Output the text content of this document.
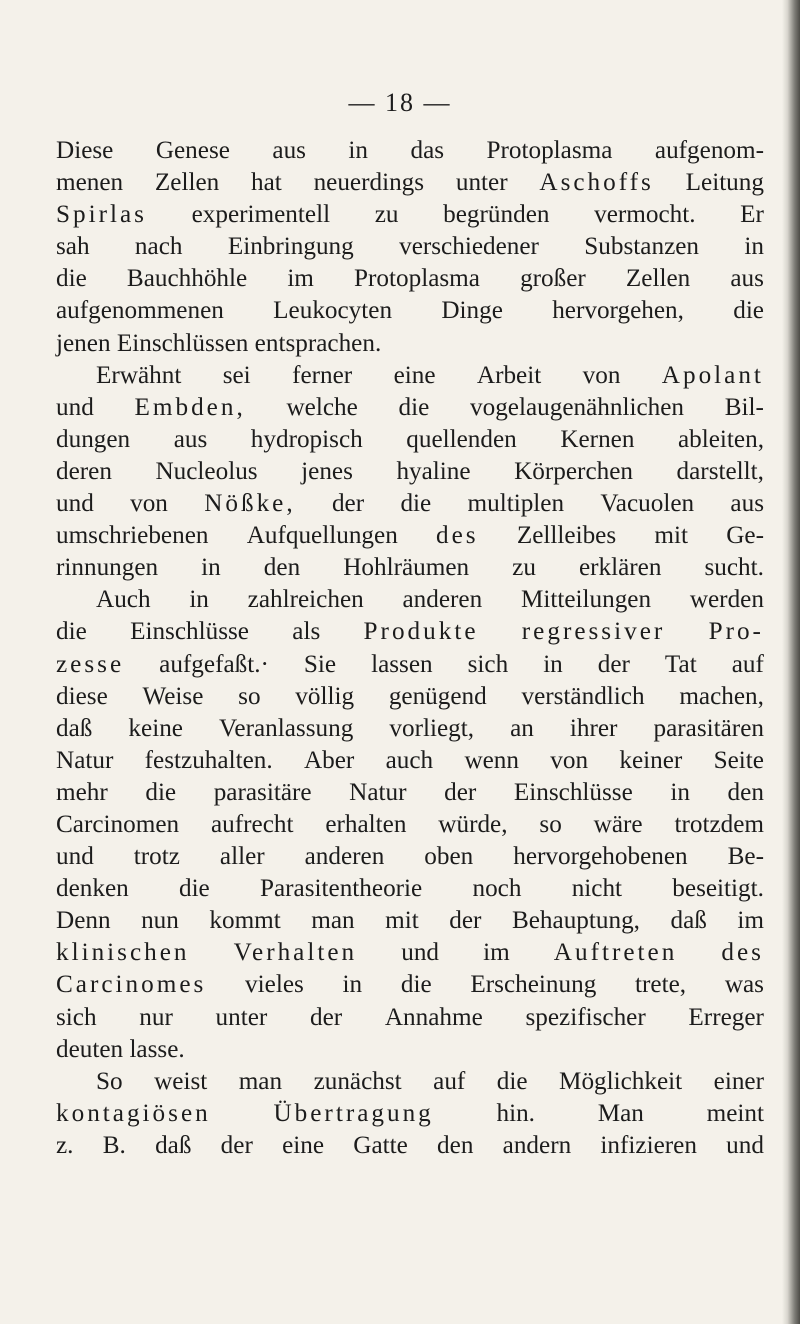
— 18 —
Diese Genese aus in das Protoplasma aufgenom-
menen Zellen hat neuerdings unter Aschoffs Leitung
Spirlas experimentell zu begründen vermocht. Er
sah nach Einbringung verschiedener Substanzen in
die Bauchhöhle im Protoplasma großer Zellen aus
aufgenommenen Leukocyten Dinge hervorgehen, die
jenen Einschlüssen entsprachen.
Erwähnt sei ferner eine Arbeit von Apolant
und Embden, welche die vogelaugenähnlichen Bil-
dungen aus hydropisch quellenden Kernen ableiten,
deren Nucleolus jenes hyaline Körperchen darstellt,
und von Nößke, der die multiplen Vacuolen aus
umschriebenen Aufquellungen des Zellleibes mit Ge-
rinnungen in den Hohlräumen zu erklären sucht.
Auch in zahlreichen anderen Mitteilungen werden
die Einschlüsse als Produkte regressiver Pro-
zesse aufgefaßt.· Sie lassen sich in der Tat auf
diese Weise so völlig genügend verständlich machen,
daß keine Veranlassung vorliegt, an ihrer parasitären
Natur festzuhalten. Aber auch wenn von keiner Seite
mehr die parasitäre Natur der Einschlüsse in den
Carcinomen aufrecht erhalten würde, so wäre trotzdem
und trotz aller anderen oben hervorgehobenen Be-
denken die Parasitentheorie noch nicht beseitigt.
Denn nun kommt man mit der Behauptung, daß im
klinischen Verhalten und im Auftreten des
Carcinomes vieles in die Erscheinung trete, was
sich nur unter der Annahme spezifischer Erreger
deuten lasse.
So weist man zunächst auf die Möglichkeit einer
kontagiösen Übertragung hin. Man meint
z. B. daß der eine Gatte den andern infizieren und
